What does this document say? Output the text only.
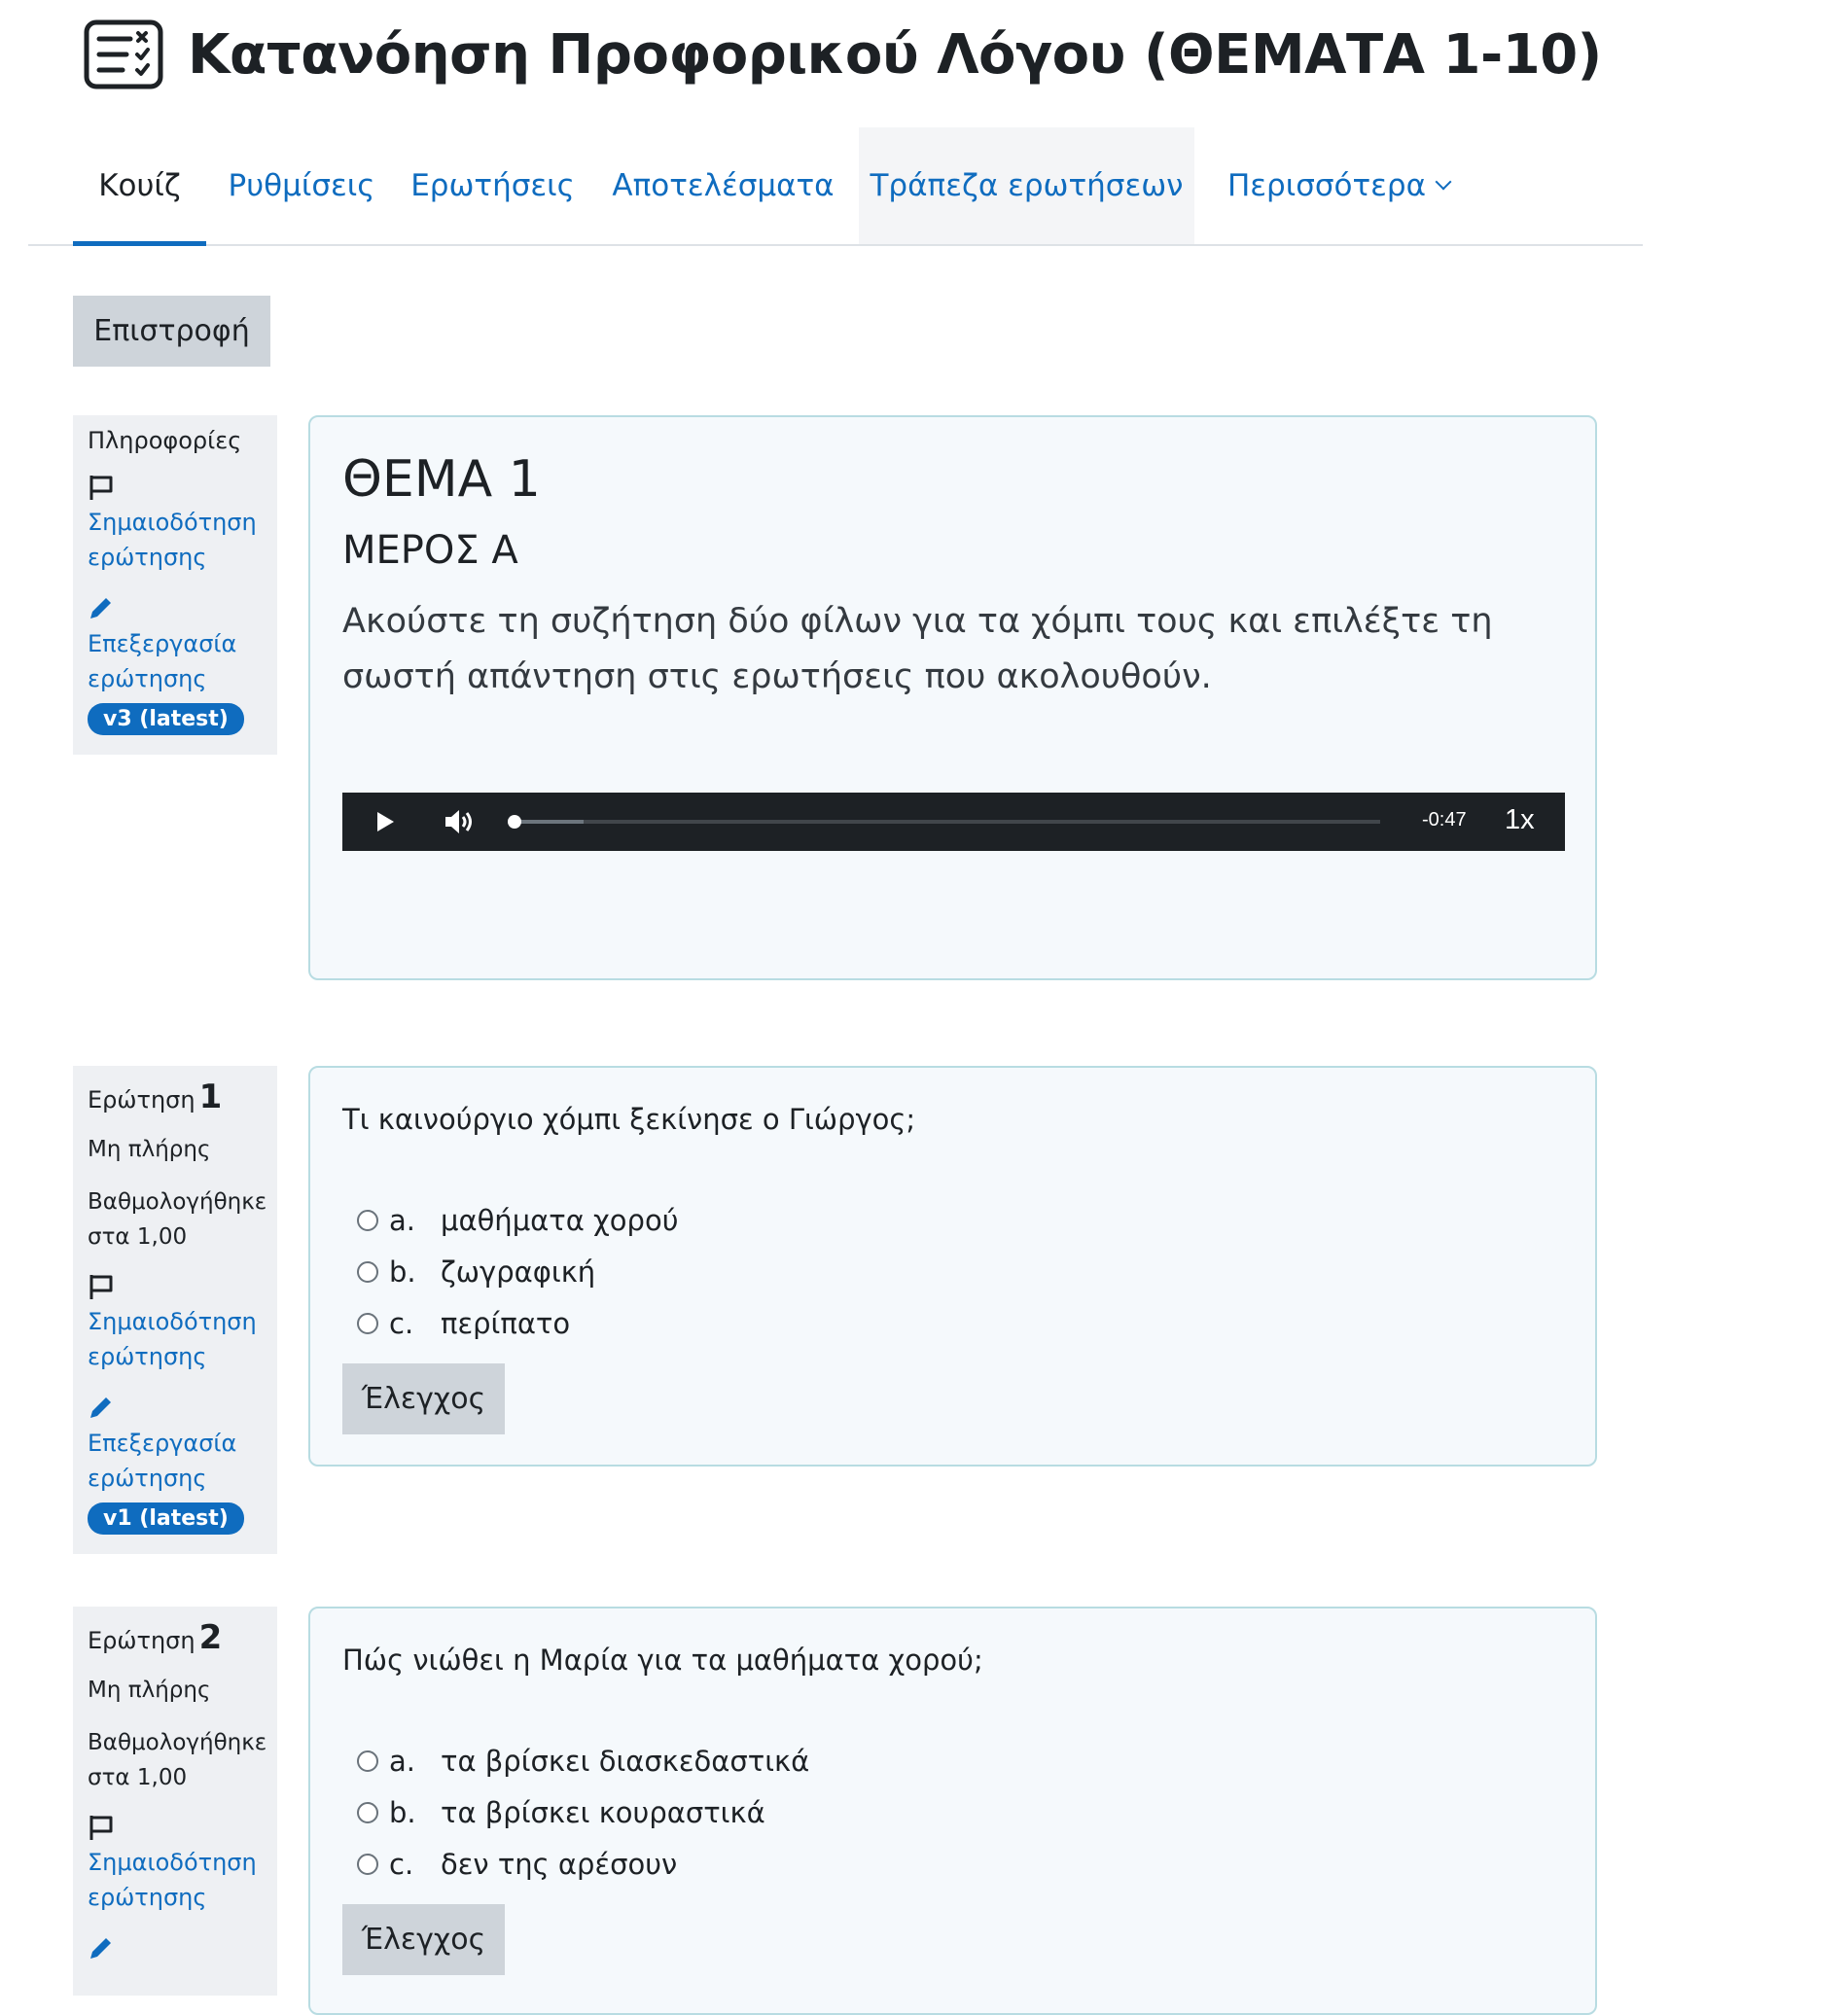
Κατανόηση Προφορικού Λόγου (ΘΕΜΑΤΑ 1-10)
Κουίζ Ρυθμίσεις Ερωτήσεις Αποτελέσματα Τράπεζα ερωτήσεων Περισσότερα
Επιστροφή
Πληροφορίες
Σημαιοδότηση
ερώτησης
Επεξεργασία
ερώτησης
v3 (latest)
ΘΕΜΑ 1
ΜΕΡΟΣ Α

Ακούστε τη συζήτηση δύο φίλων για τα χόμπι τους και επιλέξτε τη σωστή απάντηση στις ερωτήσεις που ακολουθούν.

-0:47 1x
Ερώτηση 1
Μη πλήρης
Βαθμολογήθηκε
στα 1,00
Σημαιοδότηση
ερώτησης
Επεξεργασία
ερώτησης
v1 (latest)

Τι καινούργιο χόμπι ξεκίνησε ο Γιώργος;

a. μαθήματα χορού
b. ζωγραφική
c. περίπατο
Έλεγχος
Ερώτηση 2
Μη πλήρης
Βαθμολογήθηκε
στα 1,00
Σημαιοδότηση
ερώτησης

Πώς νιώθει η Μαρία για τα μαθήματα χορού;

a. τα βρίσκει διασκεδαστικά
b. τα βρίσκει κουραστικά
c. δεν της αρέσουν
Έλεγχος
